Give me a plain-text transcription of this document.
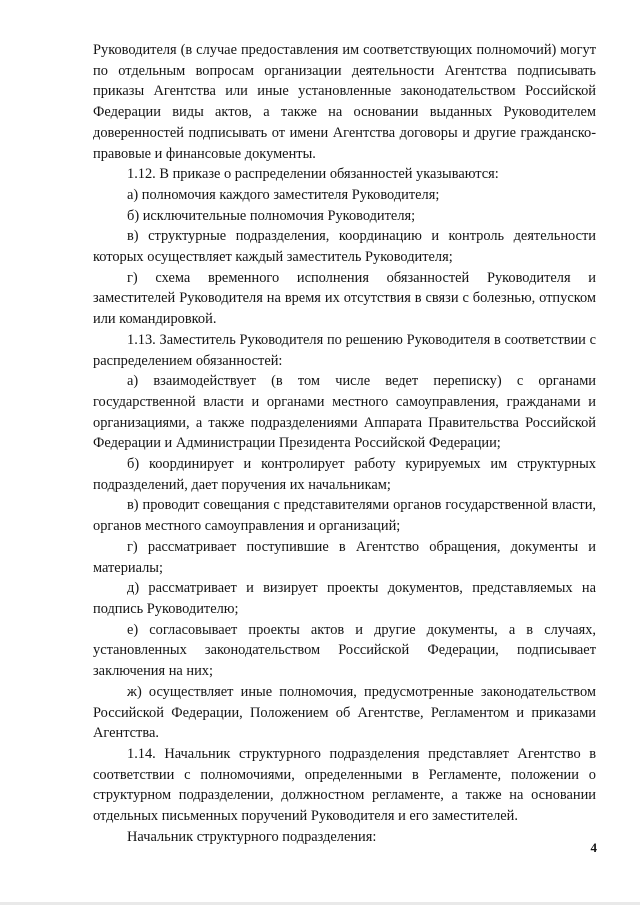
Руководителя (в случае предоставления им соответствующих полномочий) могут по отдельным вопросам организации деятельности Агентства подписывать приказы Агентства или иные установленные законодательством Российской Федерации виды актов, а также на основании выданных Руководителем доверенностей подписывать от имени Агентства договоры и другие гражданско-правовые и финансовые документы.

1.12. В приказе о распределении обязанностей указываются:

а) полномочия каждого заместителя Руководителя;

б) исключительные полномочия Руководителя;

в) структурные подразделения, координацию и контроль деятельности которых осуществляет каждый заместитель Руководителя;

г) схема временного исполнения обязанностей Руководителя и заместителей Руководителя на время их отсутствия в связи с болезнью, отпуском или командировкой.

1.13. Заместитель Руководителя по решению Руководителя в соответствии с распределением обязанностей:

а) взаимодействует (в том числе ведет переписку) с органами государственной власти и органами местного самоуправления, гражданами и организациями, а также подразделениями Аппарата Правительства Российской Федерации и Администрации Президента Российской Федерации;

б) координирует и контролирует работу курируемых им структурных подразделений, дает поручения их начальникам;

в) проводит совещания с представителями органов государственной власти, органов местного самоуправления и организаций;

г) рассматривает поступившие в Агентство обращения, документы и материалы;

д) рассматривает и визирует проекты документов, представляемых на подпись Руководителю;

е) согласовывает проекты актов и другие документы, а в случаях, установленных законодательством Российской Федерации, подписывает заключения на них;

ж) осуществляет иные полномочия, предусмотренные законодательством Российской Федерации, Положением об Агентстве, Регламентом и приказами Агентства.

1.14. Начальник структурного подразделения представляет Агентство в соответствии с полномочиями, определенными в Регламенте, положении о структурном подразделении, должностном регламенте, а также на основании отдельных письменных поручений Руководителя и его заместителей.

Начальник структурного подразделения:

4
